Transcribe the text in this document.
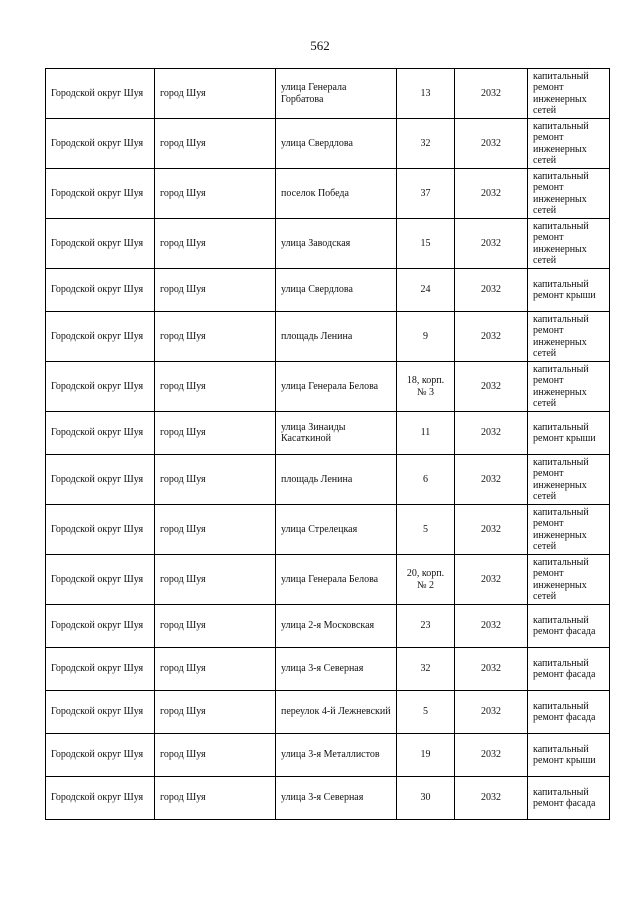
562
Городской округ Шуя	город Шуя	улица Генерала Горбатова	13	2032	капитальный ремонт инженерных сетей
Городской округ Шуя	город Шуя	улица Свердлова	32	2032	капитальный ремонт инженерных сетей
Городской округ Шуя	город Шуя	поселок Победа	37	2032	капитальный ремонт инженерных сетей
Городской округ Шуя	город Шуя	улица Заводская	15	2032	капитальный ремонт инженерных сетей
Городской округ Шуя	город Шуя	улица Свердлова	24	2032	капитальный ремонт крыши
Городской округ Шуя	город Шуя	площадь Ленина	9	2032	капитальный ремонт инженерных сетей
Городской округ Шуя	город Шуя	улица Генерала Белова	18, корп. № 3	2032	капитальный ремонт инженерных сетей
Городской округ Шуя	город Шуя	улица Зинаиды Касаткиной	11	2032	капитальный ремонт крыши
Городской округ Шуя	город Шуя	площадь Ленина	6	2032	капитальный ремонт инженерных сетей
Городской округ Шуя	город Шуя	улица Стрелецкая	5	2032	капитальный ремонт инженерных сетей
Городской округ Шуя	город Шуя	улица Генерала Белова	20, корп. № 2	2032	капитальный ремонт инженерных сетей
Городской округ Шуя	город Шуя	улица 2-я Московская	23	2032	капитальный ремонт фасада
Городской округ Шуя	город Шуя	улица 3-я Северная	32	2032	капитальный ремонт фасада
Городской округ Шуя	город Шуя	переулок 4-й Лежневский	5	2032	капитальный ремонт фасада
Городской округ Шуя	город Шуя	улица 3-я Металлистов	19	2032	капитальный ремонт крыши
Городской округ Шуя	город Шуя	улица 3-я Северная	30	2032	капитальный ремонт фасада
